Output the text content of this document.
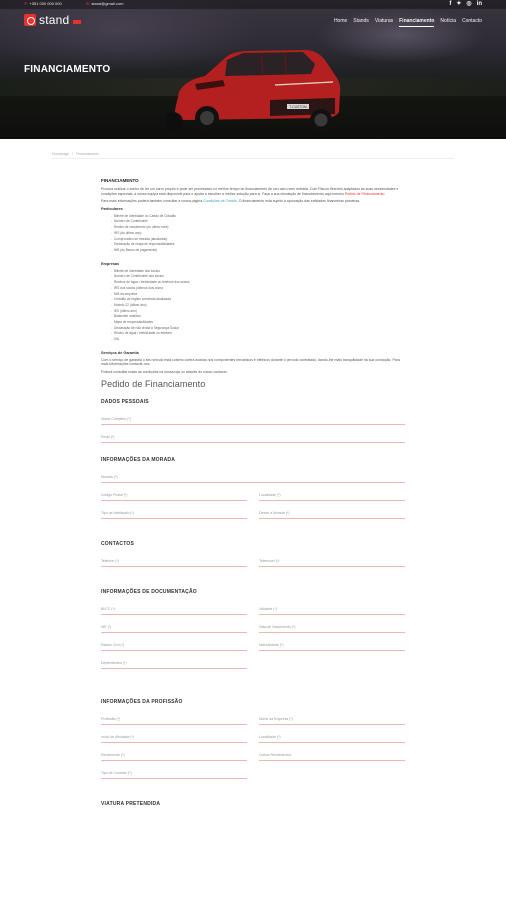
T-CUSTOM
✆ +351 000 000 000	✉ stand@gmail.com	f ✦ ◎ in
stand	Home Stands Viaturas Financiamento Notícia Contacto
FINANCIAMENTO
Homepage / Financiamento
FINANCIAMENTO

Procura realizar o sonho de ter um carro próprio e pode ser processado no melhor tempo do financiamento de seu carro sem entrada. Com Planos flexíveis adaptados às suas necessidades e condições especiais, a nossa equipa está disponível para o ajudar a escolher a melhor solução para si. Faça a sua simulação de financiamento aqui mesmo Pedido de Financiamento

Para mais informações poderá também consultar a nossa página Condições de Crédito. O financiamento está sujeito à aprovação das entidades financeiras parceiras.

Particulares
- Bilhete de Identidade ou Cartão de Cidadão
- Número de Contribuinte
- Recibo de vencimento (do último mês)
- IRS (do último ano)
- Comprovativo de morada (atualizado)
- Declaração de mapa de responsabilidades
- NIB (do Banco de pagamento)
Empresas
- Bilhete de Identidade dos sócios
- Número de Contribuinte dos sócios
- Recibos de água / eletricidade ou telefone dos sócios
- IRS dos sócios (últimos dois anos)
- NIB da empresa
- Certidão de registo comercial atualizada
- Modelo 22 (último ano)
- IES (último ano)
- Balancete analítico
- Mapa de responsabilidades
- Declaração de não dívida à Segurança Social
- Recibo de água / eletricidade ou telefone
- IVA
Serviços de Garantia

Com o serviço de garantia o seu veículo está coberto contra avarias nos componentes mecânicos e elétricos durante o período contratado, dando-lhe mais tranquilidade na sua condução. Para mais informações contacte-nos.

Poderá consultar todas as condições na nossa loja ou através do nosso contacto.

Pedido de Financiamento
DADOS PESSOAIS
Nome Completo (*)
Email (*)
INFORMAÇÕES DA MORADA
Morada (*)
Código Postal (*)	Localidade (*)
Tipo de Habitação (*)	Desde a Morada (*)
CONTACTOS
Telefone (*)	Telemóvel (*)
INFORMAÇÕES DE DOCUMENTAÇÃO
BI/CC (*)	Validade (*)
NIF (*)	Data de Nascimento (*)
Estado Civil (*)	Naturalidade (*)
Dependentes (*)
INFORMAÇÕES DA PROFISSÃO
Profissão (*)	Nome da Empresa (*)
Início de Atividade (*)	Localidade (*)
Rendimento (*)	Outros Rendimentos
Tipo de Contrato (*)
VIATURA PRETENDIDA
